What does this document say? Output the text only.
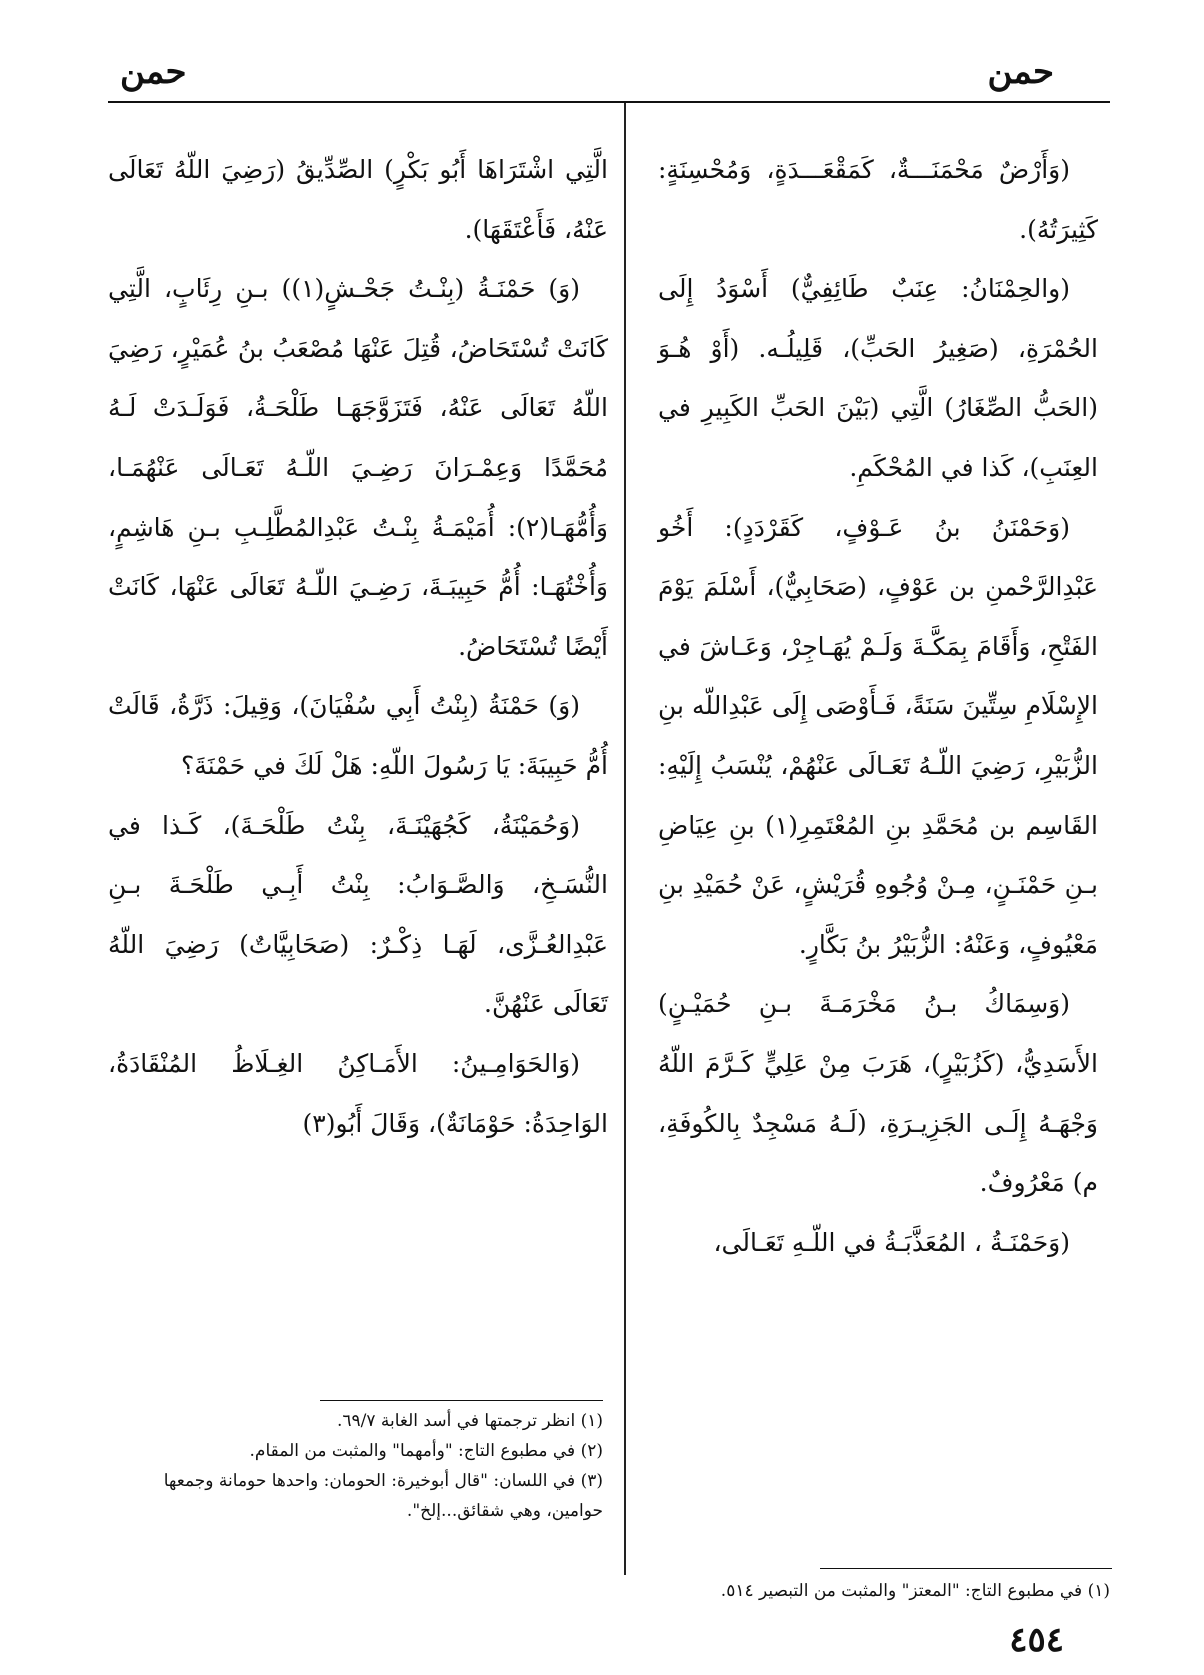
حمن
حمن

(وَأَرْضٌ مَحْمَنَـــةٌ، كَمَقْعَـــدَةٍ، وَمُحْسِنَةٍ: كَثِيرَتُهُ).

(والحِمْنَانُ: عِنَبٌ طَائِفِيٌّ) أَسْوَدُ إِلَى الحُمْرَةِ، (صَغِيرُ الحَبِّ)، قَلِيلُـه. (أَوْ هُـوَ (الحَبُّ الصِّغَارُ) الَّتِي (بَيْنَ الحَبِّ الكَبِيرِ في العِنَبِ)، كَذا في المُحْكَمِ.

(وَحَمْنَنُ بنُ عَـوْفٍ، كَقَرْدَدٍ): أَخُو عَبْدِالرَّحْمنِ بن عَوْفٍ، (صَحَابِيٌّ)، أَسْلَمَ يَوْمَ الفَتْحِ، وَأَقَامَ بِمَكَّـةَ وَلَـمْ يُهَـاجِرْ، وَعَـاشَ في الإِسْلَامِ سِتِّينَ سَنَةً، فَـأَوْصَى إِلَى عَبْدِاللّه بنِ الزُّبَيْرِ، رَضِيَ اللّـهُ تَعَـالَى عَنْهُمْ، يُنْسَبُ إِلَيْهِ: القَاسِم بن مُحَمَّدِ بنِ المُعْتَمِرِ(١) بنِ عِيَاضِ بـنِ حَمْنَـنٍ، مِـنْ وُجُوهِ قُرَيْشٍ، عَنْ حُمَيْدِ بنِ مَعْيُوفٍ، وَعَنْهُ: الزُّبَيْرُ بنُ بَكَّارٍ.

(وَسِمَاكُ بـنُ مَخْرَمَـةَ بـنِ حُمَيْـنٍ) الأَسَدِيُّ، (كَزُبَيْرٍ)، هَرَبَ مِنْ عَلِيٍّ كَـرَّمَ اللّهُ وَجْهَـهُ إِلَـى الجَزِيـرَةِ، (لَـهُ مَسْجِدٌ بِالكُوفَةِ، م) مَعْرُوفٌ.

(وَحَمْنَـةُ ، المُعَذَّبَـةُ في اللّـهِ تَعَـالَى،

الَّتِي اشْتَرَاهَا أَبُو بَكْرٍ) الصِّدِّيقُ (رَضِيَ اللّهُ تَعَالَى عَنْهُ، فَأَعْتَقَهَا).

(وَ) حَمْنَـةُ (بِنْـتُ جَحْـشٍ(١)) بـنِ رِئَابٍ، الَّتِي كَانَتْ تُسْتَحَاضُ، قُتِلَ عَنْهَا مُصْعَبُ بنُ عُمَيْرٍ، رَضِيَ اللّهُ تَعَالَى عَنْهُ، فَتَزَوَّجَهَـا طَلْحَـةُ، فَوَلَـدَتْ لَـهُ مُحَمَّدًا وَعِمْـرَانَ رَضِـيَ اللّـهُ تَعَـالَى عَنْهُمَـا، وَأُمُّهَـا(٢): أُمَيْمَـةُ بِنْـتُ عَبْدِالمُطَّلِـبِ بـنِ هَاشِمٍ، وَأُخْتُهَـا: أُمُّ حَبِيبَـةَ، رَضِـيَ اللّـهُ تَعَالَى عَنْهَا، كَانَتْ أَيْضًا تُسْتَحَاضُ.

(وَ) حَمْنَةُ (بِنْتُ أَبِي سُفْيَانَ)، وَقِيلَ: ذَرَّةُ، قَالَتْ أُمُّ حَبِيبَةَ: يَا رَسُولَ اللّهِ: هَلْ لَكَ في حَمْنَةَ؟

(وَحُمَيْنَةُ، كَجُهَيْنَـةَ، بِنْتُ طَلْحَـةَ)، كَـذا في النُّسَـخِ، وَالصَّـوَابُ: بِنْتُ أَبِـي طَلْحَـةَ بـنِ عَبْدِالعُـزَّى، لَهَـا ذِكْـرٌ: (صَحَابِيَّاتٌ) رَضِيَ اللّهُ تَعَالَى عَنْهُنَّ.

(وَالحَوَامِـينُ: الأَمَـاكِنُ الغِـلَاظُ المُنْقَادَةُ، الوَاحِدَةُ: حَوْمَانَةٌ)، وَقَالَ أَبُو(٣)

(١) في مطبوع التاج: "المعتز" والمثبت من التبصير ٥١٤.
(١) انظر ترجمتها في أسد الغابة ٦٩/٧.
(٢) في مطبوع التاج: "وأمهما" والمثبت من المقام.
(٣) في اللسان: "قال أبوخيرة: الحومان: واحدها حومانة وجمعها حوامين، وهي شقائق...إلخ".
٤٥٤
